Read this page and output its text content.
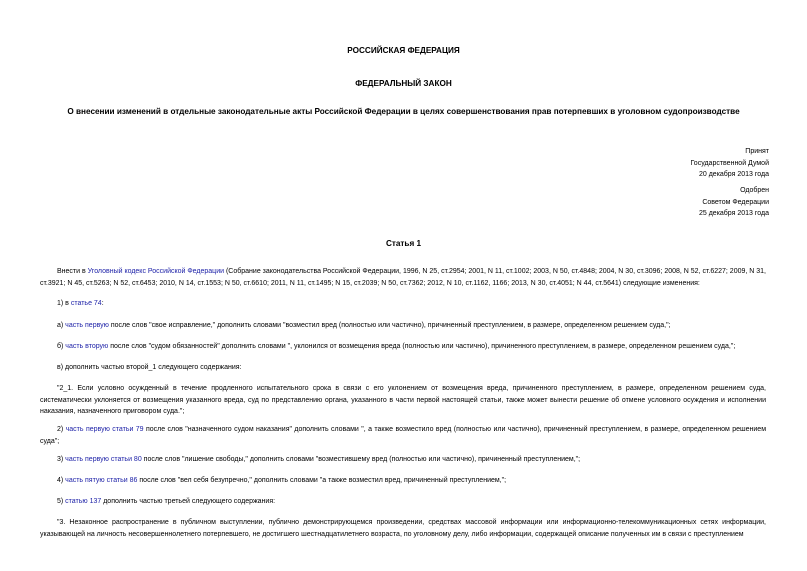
РОССИЙСКАЯ ФЕДЕРАЦИЯ
ФЕДЕРАЛЬНЫЙ ЗАКОН
О внесении изменений в отдельные законодательные акты Российской Федерации в целях совершенствования прав потерпевших в уголовном судопроизводстве
Принят
Государственной Думой
20 декабря 2013 года
Одобрен
Советом Федерации
25 декабря 2013 года
Статья 1
Внести в Уголовный кодекс Российской Федерации (Собрание законодательства Российской Федерации, 1996, N 25, ст.2954; 2001, N 11, ст.1002; 2003, N 50, ст.4848; 2004, N 30, ст.3096; 2008, N 52, ст.6227; 2009, N 31, ст.3921; N 45, ст.5263; N 52, ст.6453; 2010, N 14, ст.1553; N 50, ст.6610; 2011, N 11, ст.1495; N 15, ст.2039; N 50, ст.7362; 2012, N 10, ст.1162, 1166; 2013, N 30, ст.4051; N 44, ст.5641) следующие изменения:
1) в статье 74:
а) часть первую после слов "свое исправление," дополнить словами "возместил вред (полностью или частично), причиненный преступлением, в размере, определенном решением суда,";
б) часть вторую после слов "судом обязанностей" дополнить словами ", уклонился от возмещения вреда (полностью или частично), причиненного преступлением, в размере, определенном решением суда,";
в) дополнить частью второй_1 следующего содержания:
"2_1. Если условно осужденный в течение продленного испытательного срока в связи с его уклонением от возмещения вреда, причиненного преступлением, в размере, определенном решением суда, систематически уклоняется от возмещения указанного вреда, суд по представлению органа, указанного в части первой настоящей статьи, также может вынести решение об отмене условного осуждения и исполнении наказания, назначенного приговором суда.";
2) часть первую статьи 79 после слов "назначенного судом наказания" дополнить словами ", а также возместило вред (полностью или частично), причиненный преступлением, в размере, определенном решением суда";
3) часть первую статьи 80 после слов "лишение свободы," дополнить словами "возместившему вред (полностью или частично), причиненный преступлением,";
4) часть пятую статьи 86 после слов "вел себя безупречно," дополнить словами "а также возместил вред, причиненный преступлением,";
5) статью 137 дополнить частью третьей следующего содержания:
"3. Незаконное распространение в публичном выступлении, публично демонстрирующемся произведении, средствах массовой информации или информационно-телекоммуникационных сетях информации, указывающей на личность несовершеннолетнего потерпевшего, не достигшего шестнадцатилетнего возраста, по уголовному делу, либо информации, содержащей описание полученных им в связи с преступлением
